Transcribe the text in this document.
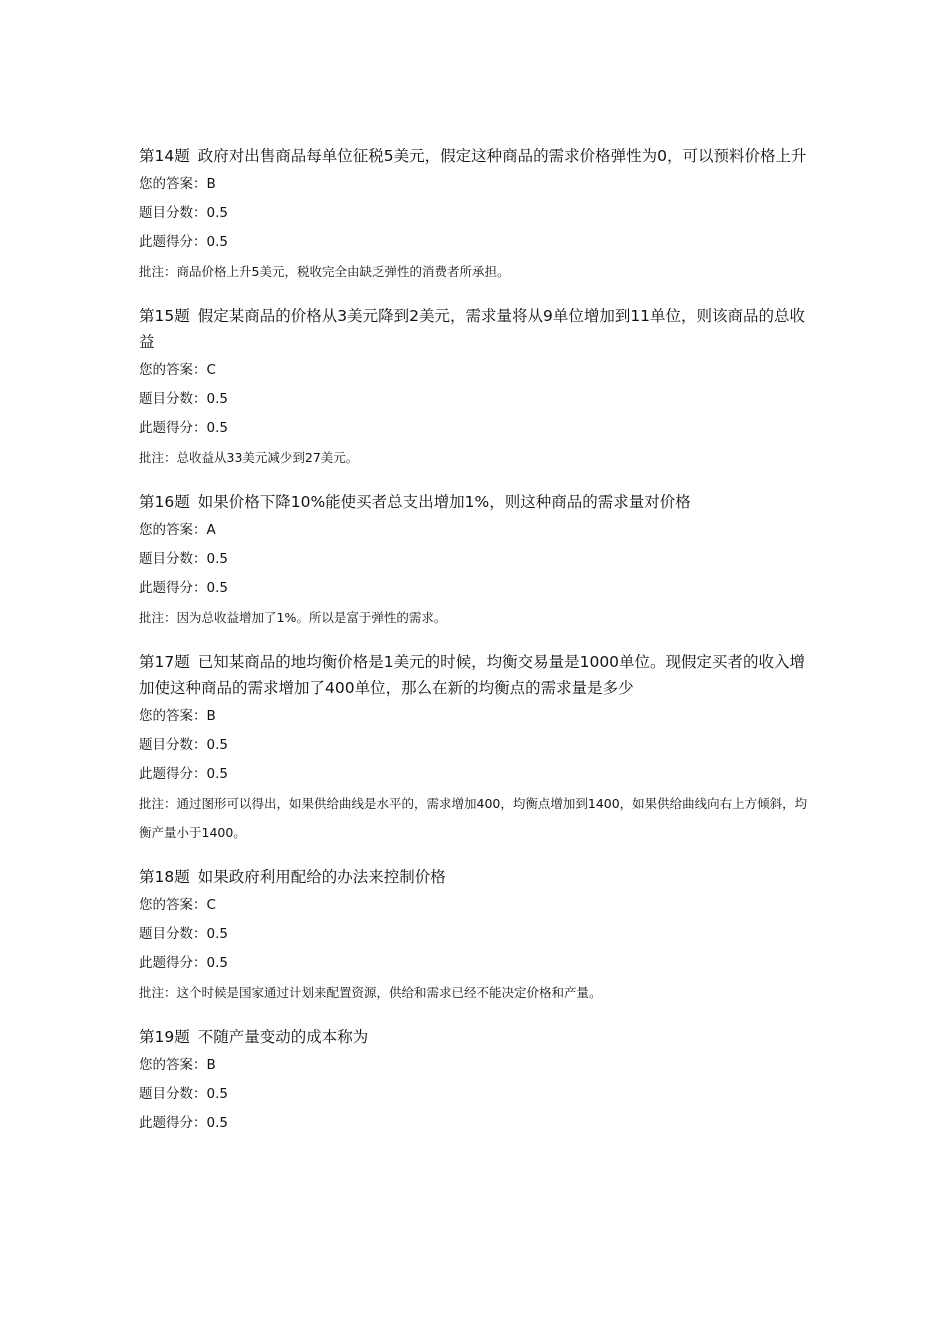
第14题 政府对出售商品每单位征税5美元，假定这种商品的需求价格弹性为0，可以预料价格上升
您的答案：B
题目分数：0.5
此题得分：0.5
批注：商品价格上升5美元，税收完全由缺乏弹性的消费者所承担。
第15题 假定某商品的价格从3美元降到2美元，需求量将从9单位增加到11单位，则该商品的总收益
您的答案：C
题目分数：0.5
此题得分：0.5
批注：总收益从33美元减少到27美元。
第16题 如果价格下降10%能使买者总支出增加1%，则这种商品的需求量对价格
您的答案：A
题目分数：0.5
此题得分：0.5
批注：因为总收益增加了1%。所以是富于弹性的需求。
第17题 已知某商品的地均衡价格是1美元的时候，均衡交易量是1000单位。现假定买者的收入增加使这种商品的需求增加了400单位，那么在新的均衡点的需求量是多少
您的答案：B
题目分数：0.5
此题得分：0.5
批注：通过图形可以得出，如果供给曲线是水平的，需求增加400，均衡点增加到1400，如果供给曲线向右上方倾斜，均衡产量小于1400。
第18题 如果政府利用配给的办法来控制价格
您的答案：C
题目分数：0.5
此题得分：0.5
批注：这个时候是国家通过计划来配置资源，供给和需求已经不能决定价格和产量。
第19题 不随产量变动的成本称为
您的答案：B
题目分数：0.5
此题得分：0.5
